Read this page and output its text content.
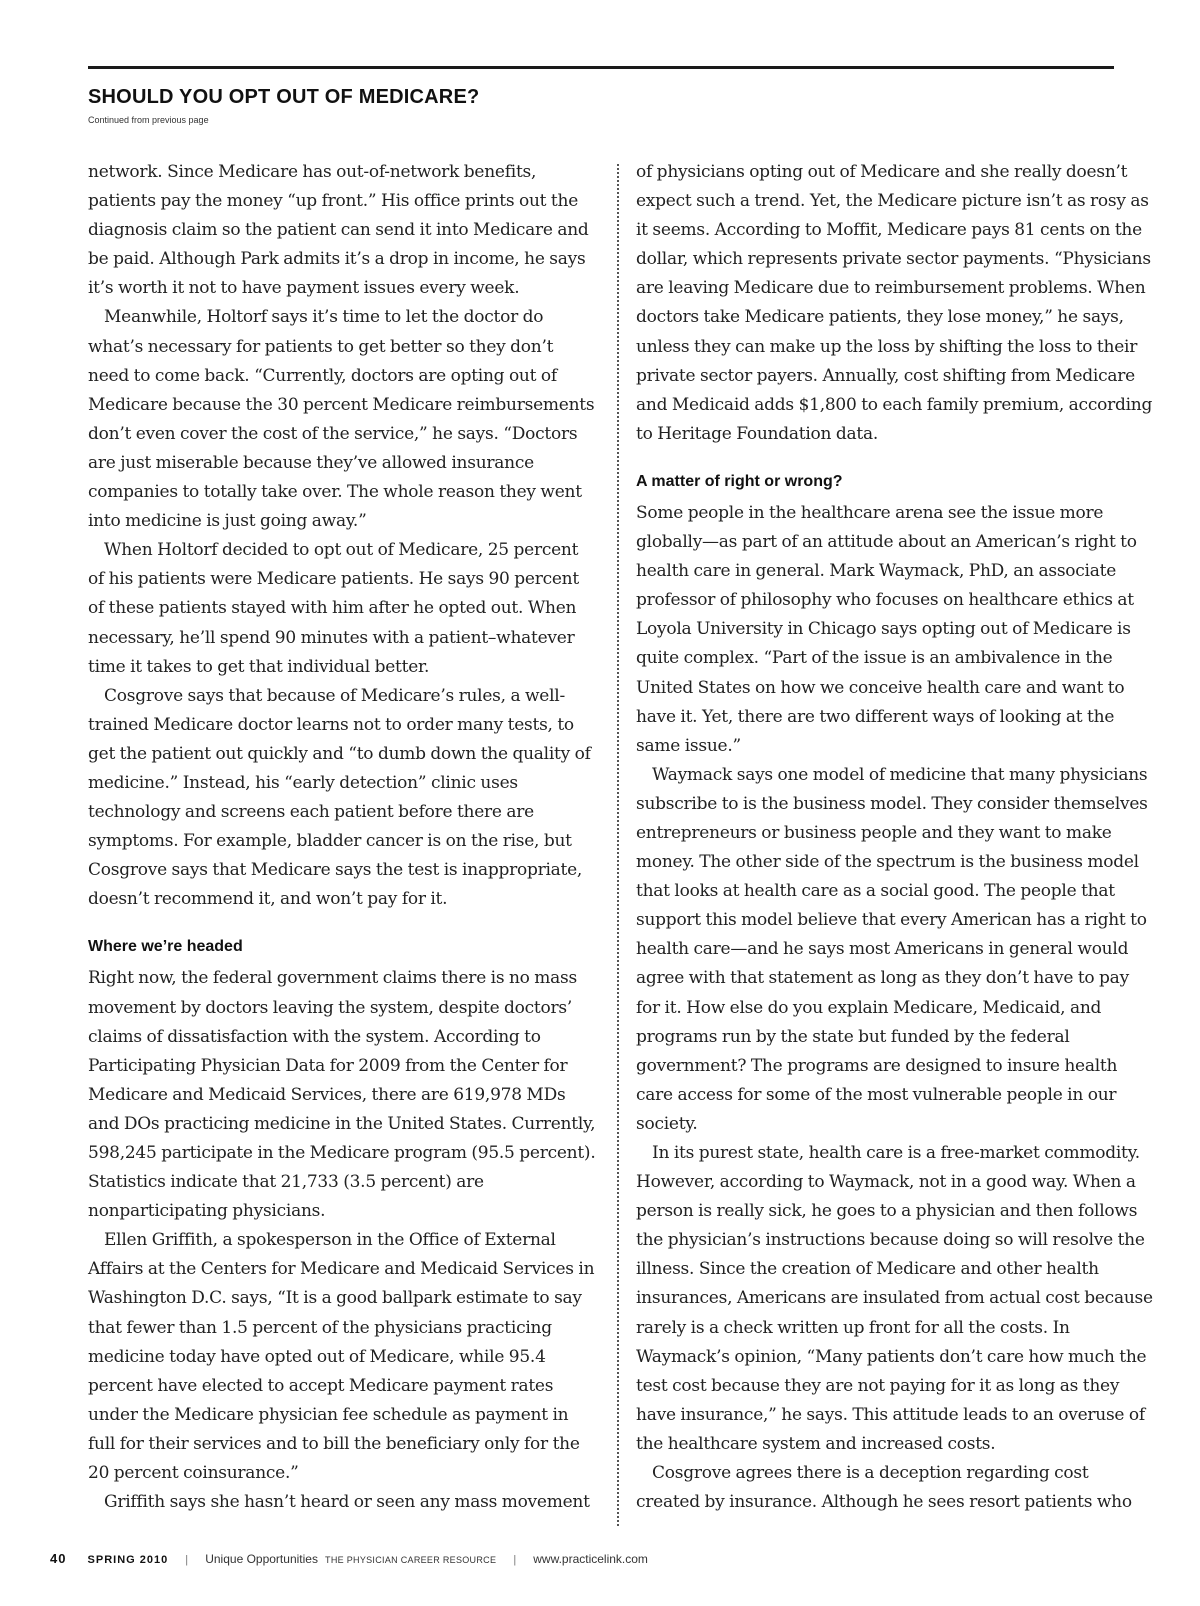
SHOULD YOU OPT OUT OF MEDICARE?
Continued from previous page

network. Since Medicare has out-of-network benefits, patients pay the money “up front.” His office prints out the diagnosis claim so the patient can send it into Medicare and be paid. Although Park admits it’s a drop in income, he says it’s worth it not to have payment issues every week.

Meanwhile, Holtorf says it’s time to let the doctor do what’s necessary for patients to get better so they don’t need to come back. “Currently, doctors are opting out of Medicare because the 30 percent Medicare reimbursements don’t even cover the cost of the service,” he says. “Doctors are just miserable because they’ve allowed insurance companies to totally take over. The whole reason they went into medicine is just going away.”

When Holtorf decided to opt out of Medicare, 25 percent of his patients were Medicare patients. He says 90 percent of these patients stayed with him after he opted out. When necessary, he’ll spend 90 minutes with a patient–whatever time it takes to get that individual better.

Cosgrove says that because of Medicare’s rules, a well-trained Medicare doctor learns not to order many tests, to get the patient out quickly and “to dumb down the quality of medicine.” Instead, his “early detection” clinic uses technology and screens each patient before there are symptoms. For example, bladder cancer is on the rise, but Cosgrove says that Medicare says the test is inappropriate, doesn’t recommend it, and won’t pay for it.

Where we’re headed

Right now, the federal government claims there is no mass movement by doctors leaving the system, despite doctors’ claims of dissatisfaction with the system. According to Participating Physician Data for 2009 from the Center for Medicare and Medicaid Services, there are 619,978 MDs and DOs practicing medicine in the United States. Currently, 598,245 participate in the Medicare program (95.5 percent). Statistics indicate that 21,733 (3.5 percent) are nonparticipating physicians.

Ellen Griffith, a spokesperson in the Office of External Affairs at the Centers for Medicare and Medicaid Services in Washington D.C. says, “It is a good ballpark estimate to say that fewer than 1.5 percent of the physicians practicing medicine today have opted out of Medicare, while 95.4 percent have elected to accept Medicare payment rates under the Medicare physician fee schedule as payment in full for their services and to bill the beneficiary only for the 20 percent coinsurance.”

Griffith says she hasn’t heard or seen any mass movement

of physicians opting out of Medicare and she really doesn’t expect such a trend. Yet, the Medicare picture isn’t as rosy as it seems. According to Moffit, Medicare pays 81 cents on the dollar, which represents private sector payments. “Physicians are leaving Medicare due to reimbursement problems. When doctors take Medicare patients, they lose money,” he says, unless they can make up the loss by shifting the loss to their private sector payers. Annually, cost shifting from Medicare and Medicaid adds $1,800 to each family premium, according to Heritage Foundation data.

A matter of right or wrong?

Some people in the healthcare arena see the issue more globally—as part of an attitude about an American’s right to health care in general. Mark Waymack, PhD, an associate professor of philosophy who focuses on healthcare ethics at Loyola University in Chicago says opting out of Medicare is quite complex. “Part of the issue is an ambivalence in the United States on how we conceive health care and want to have it. Yet, there are two different ways of looking at the same issue.”

Waymack says one model of medicine that many physicians subscribe to is the business model. They consider themselves entrepreneurs or business people and they want to make money. The other side of the spectrum is the business model that looks at health care as a social good. The people that support this model believe that every American has a right to health care—and he says most Americans in general would agree with that statement as long as they don’t have to pay for it. How else do you explain Medicare, Medicaid, and programs run by the state but funded by the federal government? The programs are designed to insure health care access for some of the most vulnerable people in our society.

In its purest state, health care is a free-market commodity. However, according to Waymack, not in a good way. When a person is really sick, he goes to a physician and then follows the physician’s instructions because doing so will resolve the illness. Since the creation of Medicare and other health insurances, Americans are insulated from actual cost because rarely is a check written up front for all the costs. In Waymack’s opinion, “Many patients don’t care how much the test cost because they are not paying for it as long as they have insurance,” he says. This attitude leads to an overuse of the healthcare system and increased costs.

Cosgrove agrees there is a deception regarding cost created by insurance. Although he sees resort patients who

40 SPRING 2010 | Unique Opportunities THE PHYSICIAN CAREER RESOURCE | www.practicelink.com
